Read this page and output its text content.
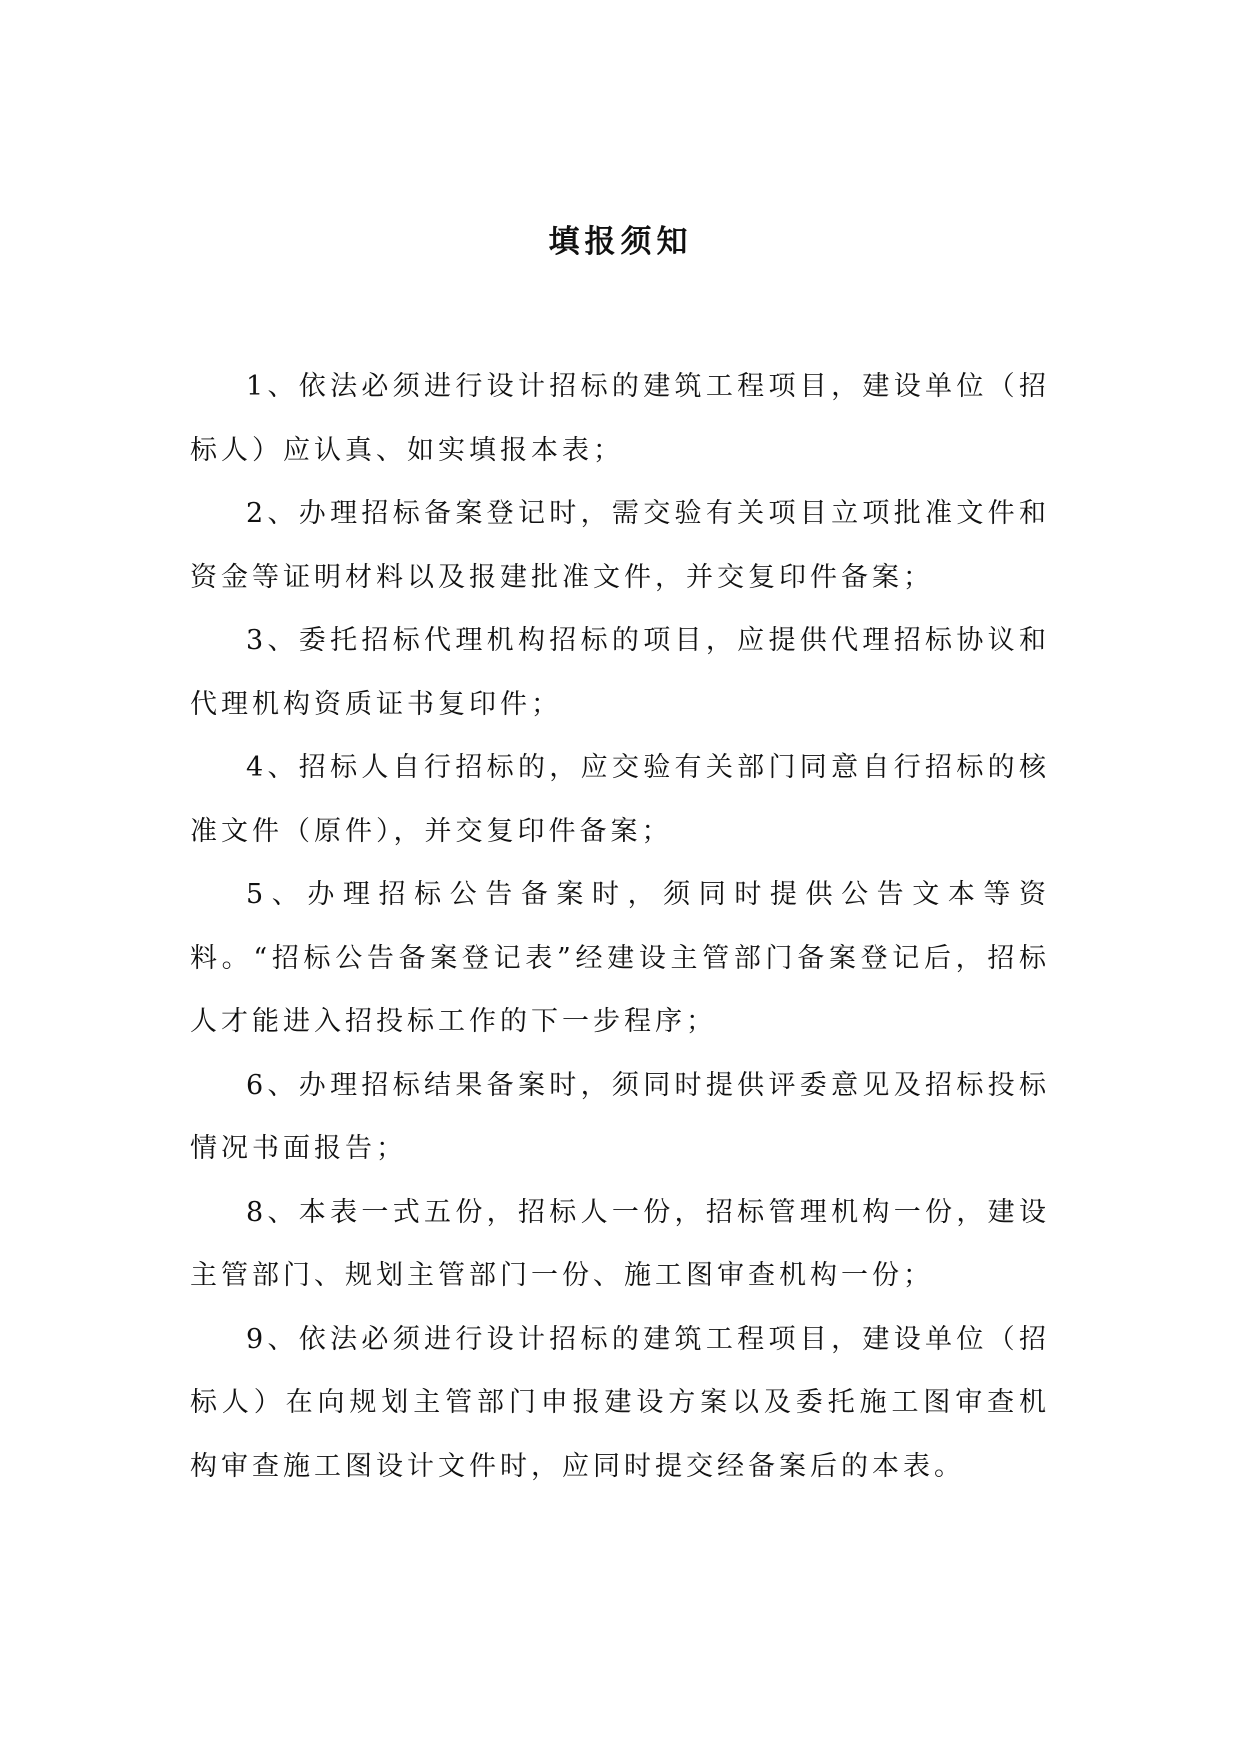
填报须知

1、依法必须进行设计招标的建筑工程项目，建设单位（招标人）应认真、如实填报本表；

2、办理招标备案登记时，需交验有关项目立项批准文件和资金等证明材料以及报建批准文件，并交复印件备案；

3、委托招标代理机构招标的项目，应提供代理招标协议和代理机构资质证书复印件；

4、招标人自行招标的，应交验有关部门同意自行招标的核准文件（原件），并交复印件备案；

5、办理招标公告备案时，须同时提供公告文本等资料。“招标公告备案登记表”经建设主管部门备案登记后，招标人才能进入招投标工作的下一步程序；

6、办理招标结果备案时，须同时提供评委意见及招标投标情况书面报告；

8、本表一式五份，招标人一份，招标管理机构一份，建设主管部门、规划主管部门一份、施工图审查机构一份；

9、依法必须进行设计招标的建筑工程项目，建设单位（招标人）在向规划主管部门申报建设方案以及委托施工图审查机构审查施工图设计文件时，应同时提交经备案后的本表。
